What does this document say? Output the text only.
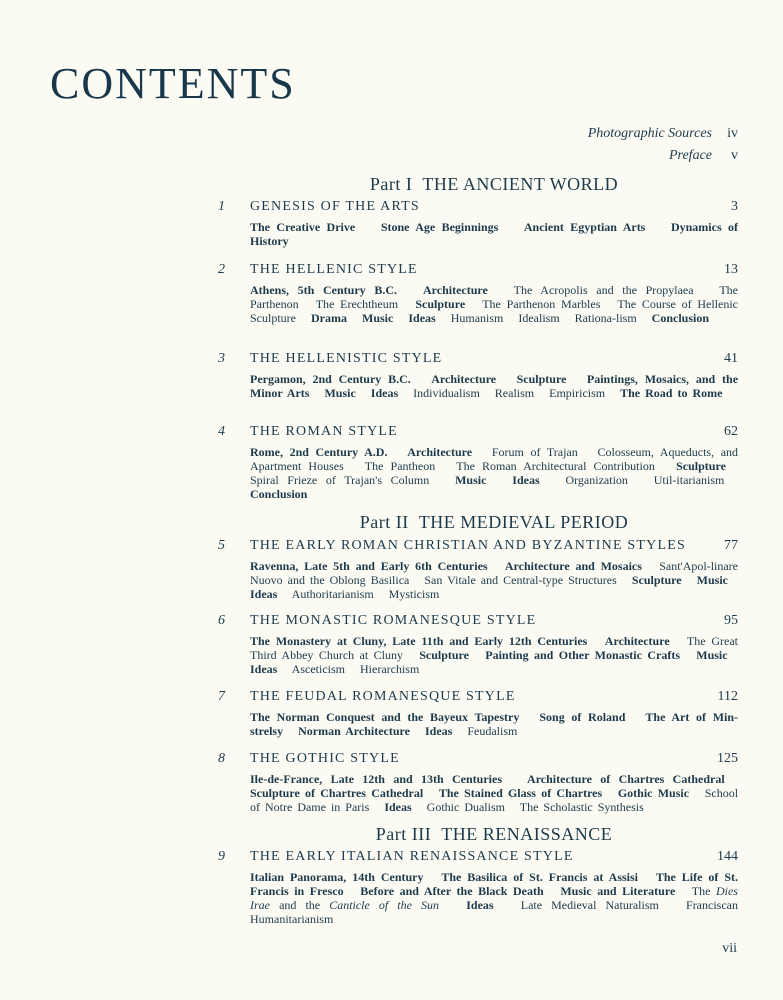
CONTENTS
Photographic Sources iv
Preface v
Part I THE ANCIENT WORLD
1 GENESIS OF THE ARTS	3
The Creative Drive Stone Age Beginnings Ancient Egyptian Arts Dynamics of History
2 THE HELLENIC STYLE	13
Athens, 5th Century B.C. Architecture   The Acropolis and the Propylaea   The Parthenon   The Erechtheum   Sculpture   The Parthenon Marbles   The Course of Hellenic Sculpture   Drama Music Ideas   Humanism   Idealism   Rationa-lism   Conclusion
3 THE HELLENISTIC STYLE	41
Pergamon, 2nd Century B.C. Architecture Sculpture Paintings, Mosaics, and the Minor Arts Music Ideas   Individualism   Realism   Empiricism   The Road to Rome
4 THE ROMAN STYLE	62
Rome, 2nd Century A.D. Architecture   Forum of Trajan   Colosseum, Aqueducts, and Apartment Houses   The Pantheon   The Roman Architectural Contribution   Sculpture   Spiral Frieze of Trajan's Column   Music Ideas   Organization   Util-itarianism   Conclusion
Part II THE MEDIEVAL PERIOD
5 THE EARLY ROMAN CHRISTIAN AND BYZANTINE STYLES	77
Ravenna, Late 5th and Early 6th Centuries Architecture and Mosaics   Sant'Apol-linare Nuovo and the Oblong Basilica   San Vitale and Central-type Structures   Sculpture Music   Ideas   Authoritarianism   Mysticism
6 THE MONASTIC ROMANESQUE STYLE	95
The Monastery at Cluny, Late 11th and Early 12th Centuries Architecture   The Great Third Abbey Church at Cluny   Sculpture Painting and Other Monastic Crafts Music   Ideas   Asceticism   Hierarchism
7 THE FEUDAL ROMANESQUE STYLE	112
The Norman Conquest and the Bayeux Tapestry Song of Roland The Art of Min-strelsy Norman Architecture Ideas   Feudalism
8 THE GOTHIC STYLE	125
Ile-de-France, Late 12th and 13th Centuries Architecture of Chartres Cathedral   Sculpture of Chartres Cathedral The Stained Glass of Chartres Gothic Music   School of Notre Dame in Paris   Ideas   Gothic Dualism   The Scholastic Synthesis
Part III THE RENAISSANCE
9 THE EARLY ITALIAN RENAISSANCE STYLE	144
Italian Panorama, 14th Century The Basilica of St. Francis at Assisi The Life of St. Francis in Fresco Before and After the Black Death Music and Literature   The Dies Irae and the Canticle of the Sun Ideas   Late Medieval Naturalism   Franciscan Humanitarianism
vii
